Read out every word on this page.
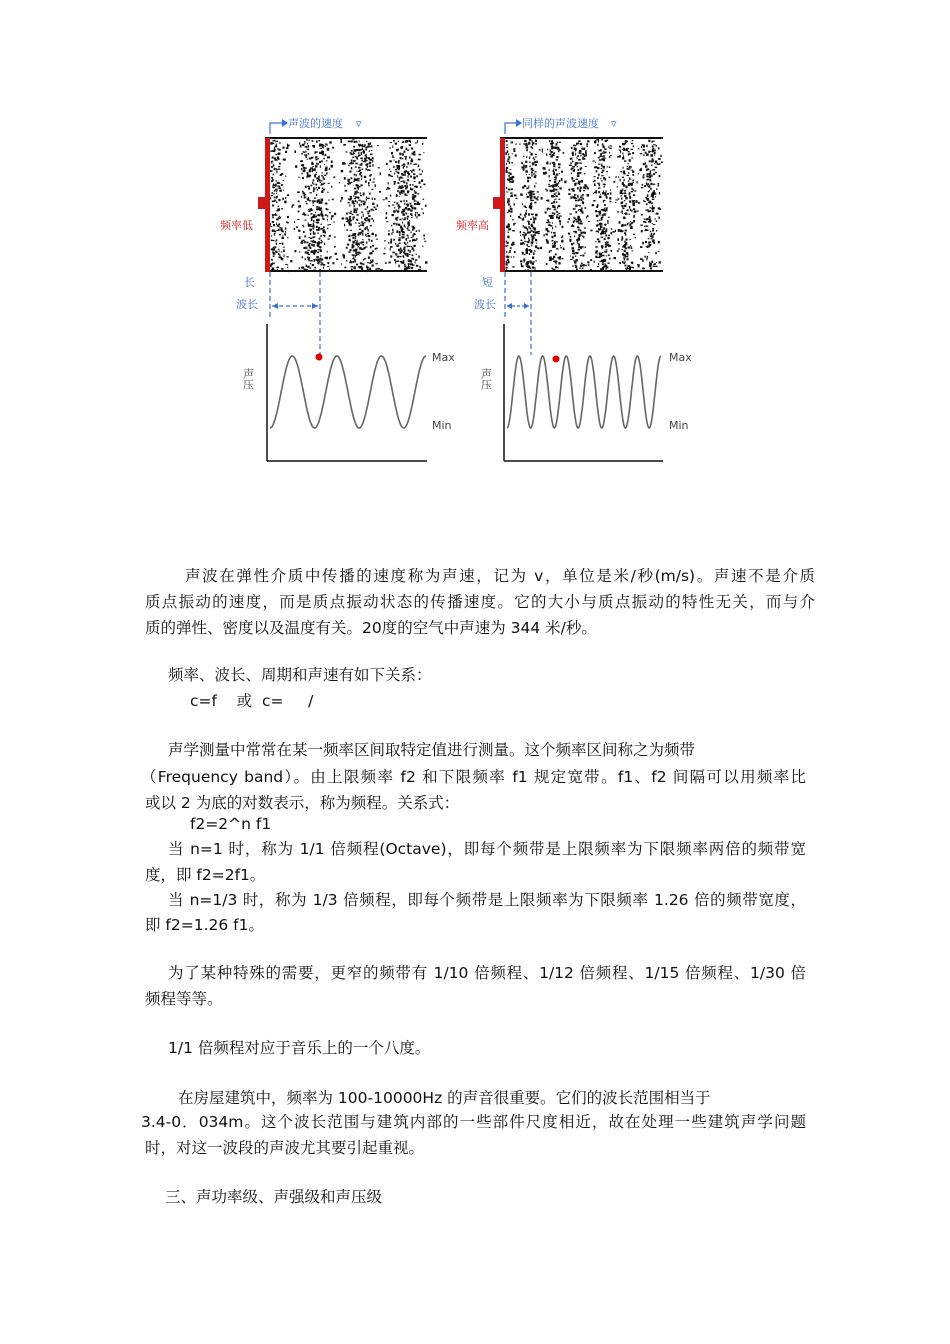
声波的速度 ▿
频率低
长
波长
声压
Max
Min
同样的声波速度 ▿
频率高
短
波长
声压
Max
Min
声波在弹性介质中传播的速度称为声速，记为 v，单位是米/秒(m/s)。声速不是介质
质点振动的速度，而是质点振动状态的传播速度。它的大小与质点振动的特性无关，而与介
质的弹性、密度以及温度有关。20度的空气中声速为 344 米/秒。
频率、波长、周期和声速有如下关系：
c=f    或  c=     /
声学测量中常常在某一频率区间取特定值进行测量。这个频率区间称之为频带
（Frequency band）。由上限频率 f2 和下限频率 f1 规定宽带。f1、f2 间隔可以用频率比
或以 2 为底的对数表示，称为频程。关系式：
f2=2^n f1
当 n=1 时，称为 1/1 倍频程(Octave)，即每个频带是上限频率为下限频率两倍的频带宽
度，即 f2=2f1。
当 n=1/3 时，称为 1/3 倍频程，即每个频带是上限频率为下限频率 1.26 倍的频带宽度，
即 f2=1.26 f1。
为了某种特殊的需要，更窄的频带有 1/10 倍频程、1/12 倍频程、1/15 倍频程、1/30 倍
频程等等。
1/1 倍频程对应于音乐上的一个八度。
在房屋建筑中，频率为 100-10000Hz 的声音很重要。它们的波长范围相当于
3.4-0．034m。这个波长范围与建筑内部的一些部件尺度相近，故在处理一些建筑声学问题
时，对这一波段的声波尤其要引起重视。
三、声功率级、声强级和声压级
